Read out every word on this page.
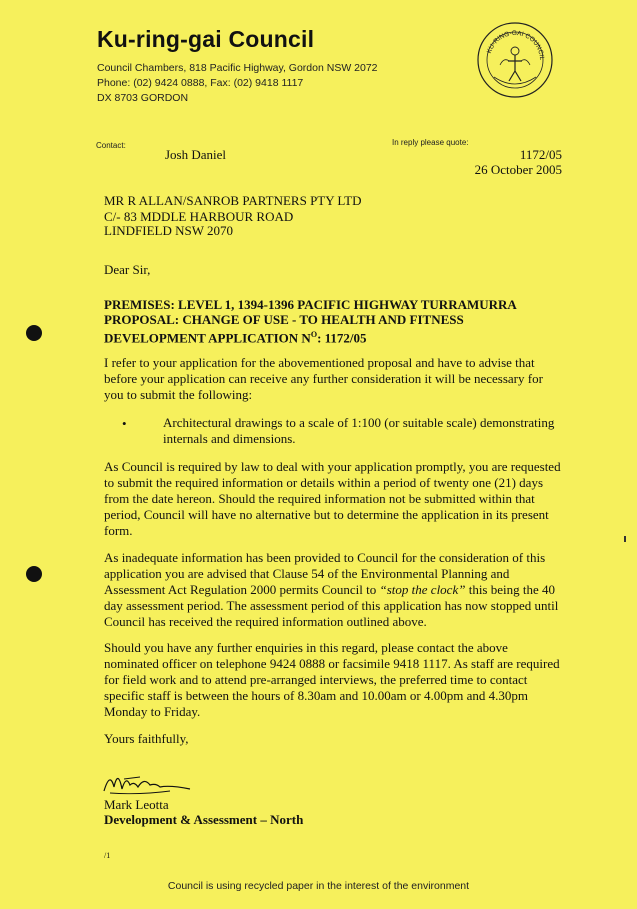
Ku-ring-gai Council
Council Chambers, 818 Pacific Highway, Gordon NSW 2072
Phone: (02) 9424 0888, Fax: (02) 9418 1117
DX 8703 GORDON
KU-RING-GAI COUNCIL
Contact:
Josh Daniel
In reply please quote:
1172/05
26 October 2005
MR R ALLAN/SANROB PARTNERS PTY LTD
C/- 83 MDDLE HARBOUR ROAD
LINDFIELD NSW 2070
Dear Sir,
PREMISES: LEVEL 1, 1394-1396 PACIFIC HIGHWAY TURRAMURRA
PROPOSAL: CHANGE OF USE - TO HEALTH AND FITNESS
DEVELOPMENT APPLICATION $N^O$: 1172/05
I refer to your application for the abovementioned proposal and have to advise that before your application can receive any further consideration it will be necessary for you to submit the following:
•	Architectural drawings to a scale of 1:100 (or suitable scale) demonstrating internals and dimensions.
As Council is required by law to deal with your application promptly, you are requested to submit the required information or details within a period of twenty one (21) days from the date hereon. Should the required information not be submitted within that period, Council will have no alternative but to determine the application in its present form.
As inadequate information has been provided to Council for the consideration of this application you are advised that Clause 54 of the Environmental Planning and Assessment Act Regulation 2000 permits Council to “stop the clock” this being the 40 day assessment period. The assessment period of this application has now stopped until Council has received the required information outlined above.
Should you have any further enquiries in this regard, please contact the above nominated officer on telephone 9424 0888 or facsimile 9418 1117. As staff are required for field work and to attend pre-arranged interviews, the preferred time to contact specific staff is between the hours of 8.30am and 10.00am or 4.00pm and 4.30pm Monday to Friday.
Yours faithfully,
Mark Leotta
Development & Assessment – North
/1
Council is using recycled paper in the interest of the environment
